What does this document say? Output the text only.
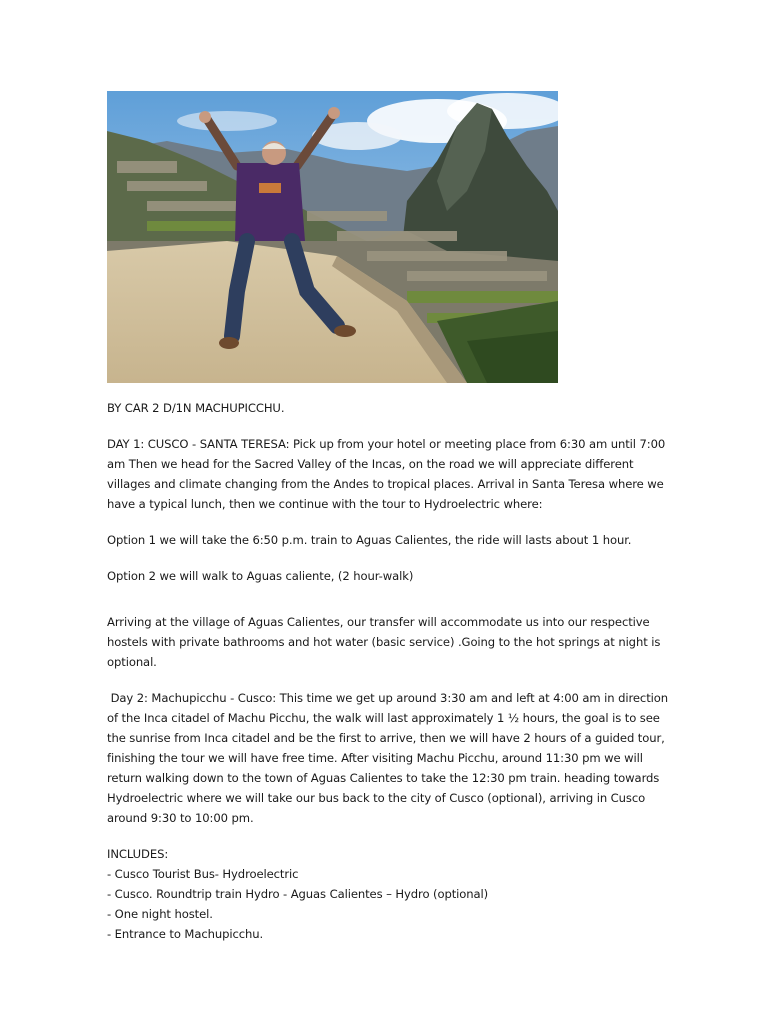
BY CAR 2 D/1N MACHUPICCHU.

DAY 1: CUSCO - SANTA TERESA: Pick up from your hotel or meeting place from 6:30 am until 7:00
am Then we head for the Sacred Valley of the Incas, on the road we will appreciate different
villages and climate changing from the Andes to tropical places. Arrival in Santa Teresa where we
have a typical lunch, then we continue with the tour to Hydroelectric where:

Option 1 we will take the 6:50 p.m. train to Aguas Calientes, the ride will lasts about 1 hour.

Option 2 we will walk to Aguas caliente, (2 hour-walk)

Arriving at the village of Aguas Calientes, our transfer will accommodate us into our respective
hostels with private bathrooms and hot water (basic service) .Going to the hot springs at night is
optional.
Day 2: Machupicchu - Cusco: This time we get up around 3:30 am and left at 4:00 am in direction
of the Inca citadel of Machu Picchu, the walk will last approximately 1 ½ hours, the goal is to see
the sunrise from Inca citadel and be the first to arrive, then we will have 2 hours of a guided tour,
finishing the tour we will have free time. After visiting Machu Picchu, around 11:30 pm we will
return walking down to the town of Aguas Calientes to take the 12:30 pm train. heading towards
Hydroelectric where we will take our bus back to the city of Cusco (optional), arriving in Cusco
around 9:30 to 10:00 pm.
INCLUDES:
- Cusco Tourist Bus- Hydroelectric
- Cusco. Roundtrip train Hydro - Aguas Calientes – Hydro (optional)
- One night hostel.
- Entrance to Machupicchu.
